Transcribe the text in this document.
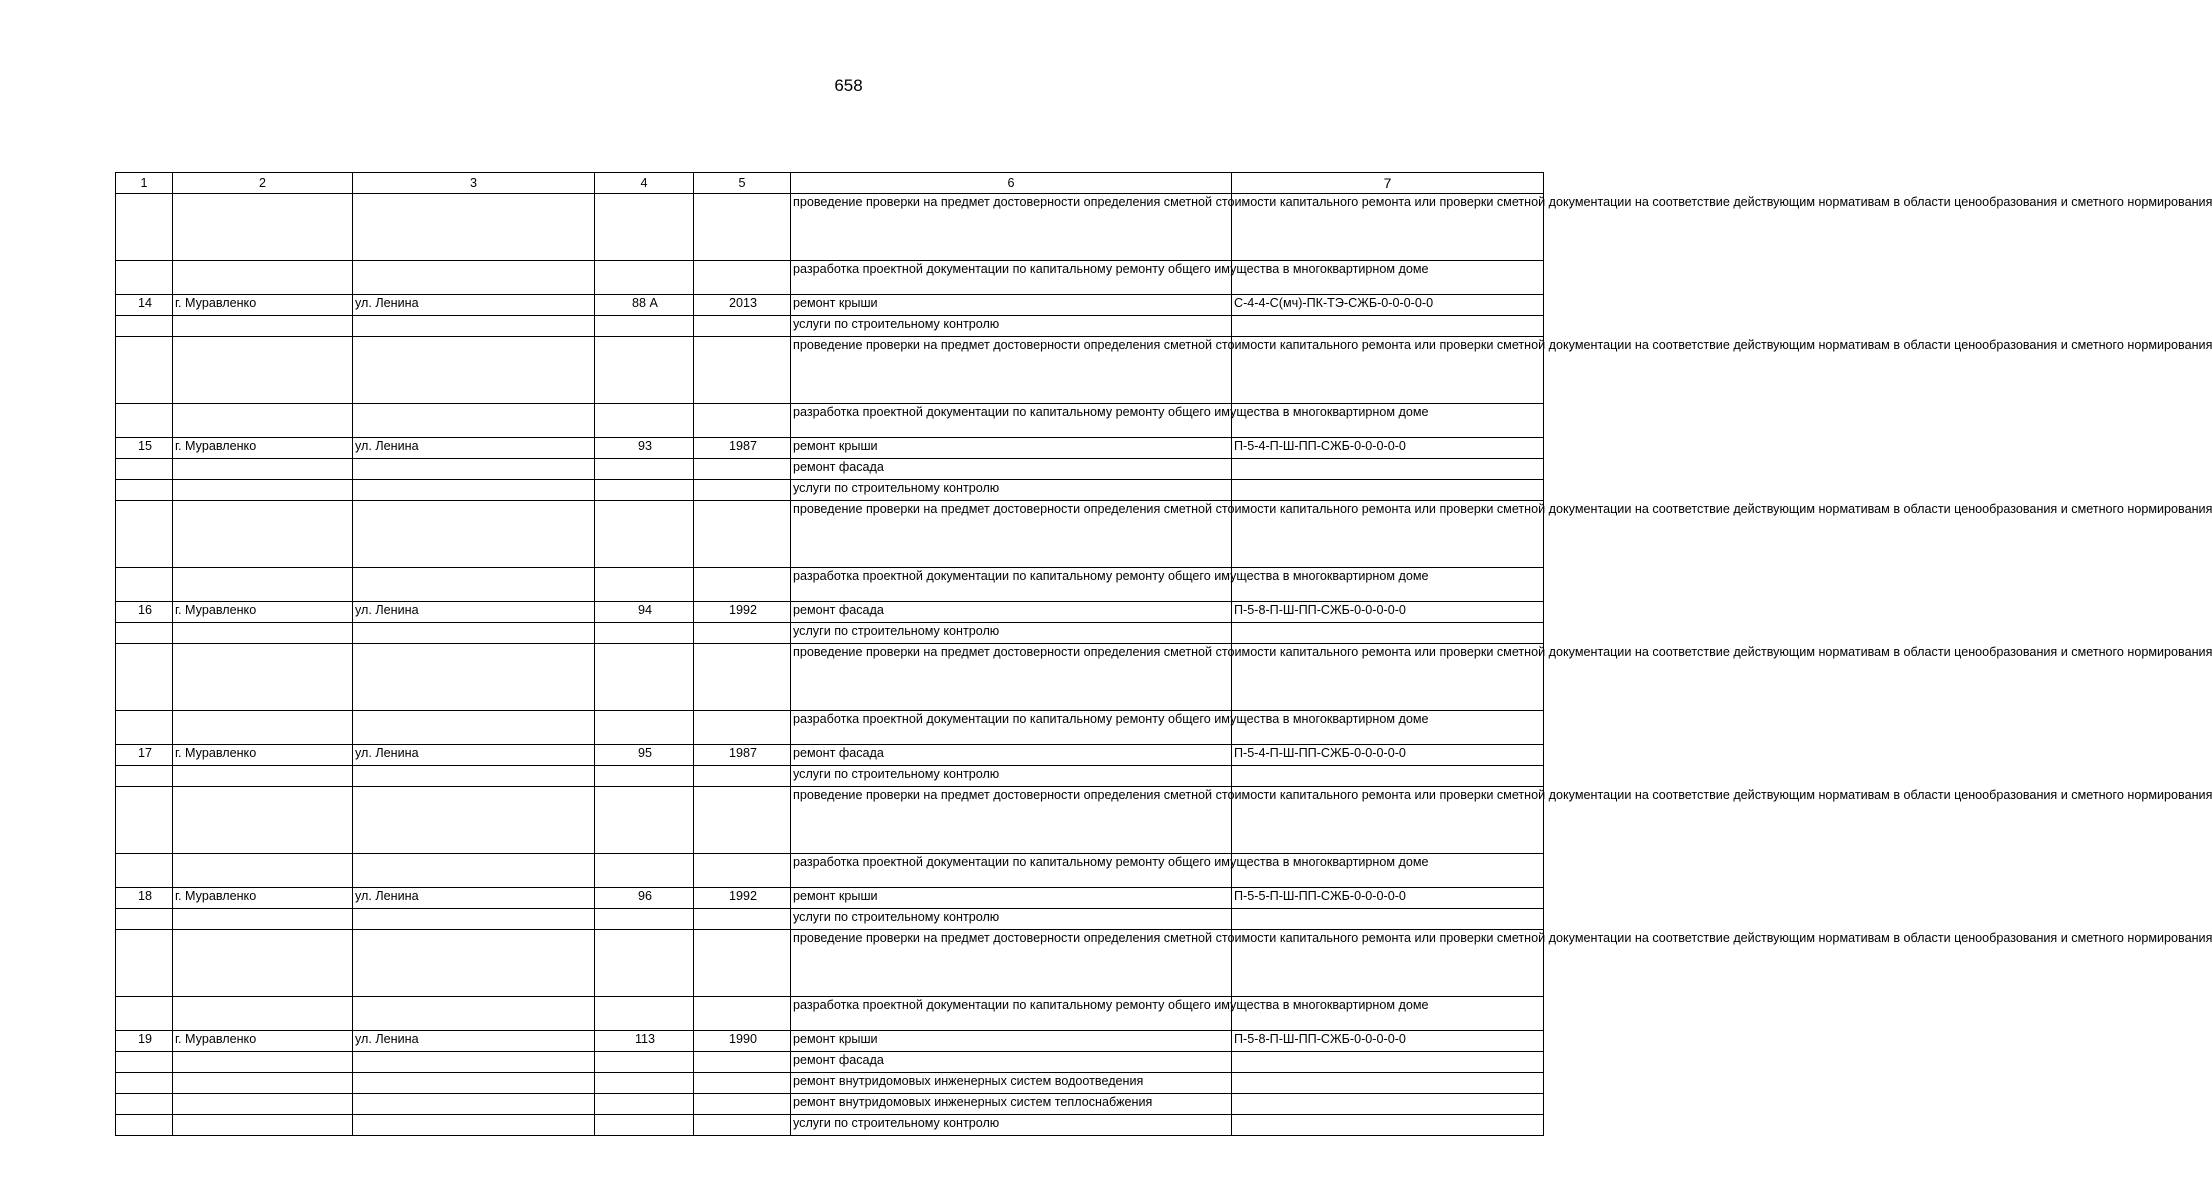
658
1	2	3	4	5	6	7
					проведение проверки на предмет достоверности определения сметной стоимости капитального ремонта или проверки сметной документации на соответствие действующим нормативам в области ценообразования и сметного нормирования	
					разработка проектной документации по капитальному ремонту общего имущества в многоквартирном доме	
14	г. Муравленко	ул. Ленина	88 А	2013	ремонт крыши	С-4-4-С(мч)-ПК-ТЭ-СЖБ-0-0-0-0-0
					услуги по строительному контролю	
					проведение проверки на предмет достоверности определения сметной стоимости капитального ремонта или проверки сметной документации на соответствие действующим нормативам в области ценообразования и сметного нормирования	
					разработка проектной документации по капитальному ремонту общего имущества в многоквартирном доме	
15	г. Муравленко	ул. Ленина	93	1987	ремонт крыши	П-5-4-П-Ш-ПП-СЖБ-0-0-0-0-0
					ремонт фасада	
					услуги по строительному контролю	
					проведение проверки на предмет достоверности определения сметной стоимости капитального ремонта или проверки сметной документации на соответствие действующим нормативам в области ценообразования и сметного нормирования	
					разработка проектной документации по капитальному ремонту общего имущества в многоквартирном доме	
16	г. Муравленко	ул. Ленина	94	1992	ремонт фасада	П-5-8-П-Ш-ПП-СЖБ-0-0-0-0-0
					услуги по строительному контролю	
					проведение проверки на предмет достоверности определения сметной стоимости капитального ремонта или проверки сметной документации на соответствие действующим нормативам в области ценообразования и сметного нормирования	
					разработка проектной документации по капитальному ремонту общего имущества в многоквартирном доме	
17	г. Муравленко	ул. Ленина	95	1987	ремонт фасада	П-5-4-П-Ш-ПП-СЖБ-0-0-0-0-0
					услуги по строительному контролю	
					проведение проверки на предмет достоверности определения сметной стоимости капитального ремонта или проверки сметной документации на соответствие действующим нормативам в области ценообразования и сметного нормирования	
					разработка проектной документации по капитальному ремонту общего имущества в многоквартирном доме	
18	г. Муравленко	ул. Ленина	96	1992	ремонт крыши	П-5-5-П-Ш-ПП-СЖБ-0-0-0-0-0
					услуги по строительному контролю	
					проведение проверки на предмет достоверности определения сметной стоимости капитального ремонта или проверки сметной документации на соответствие действующим нормативам в области ценообразования и сметного нормирования	
					разработка проектной документации по капитальному ремонту общего имущества в многоквартирном доме	
19	г. Муравленко	ул. Ленина	113	1990	ремонт крыши	П-5-8-П-Ш-ПП-СЖБ-0-0-0-0-0
					ремонт фасада	
					ремонт внутридомовых инженерных систем водоотведения	
					ремонт внутридомовых инженерных систем теплоснабжения	
					услуги по строительному контролю	
